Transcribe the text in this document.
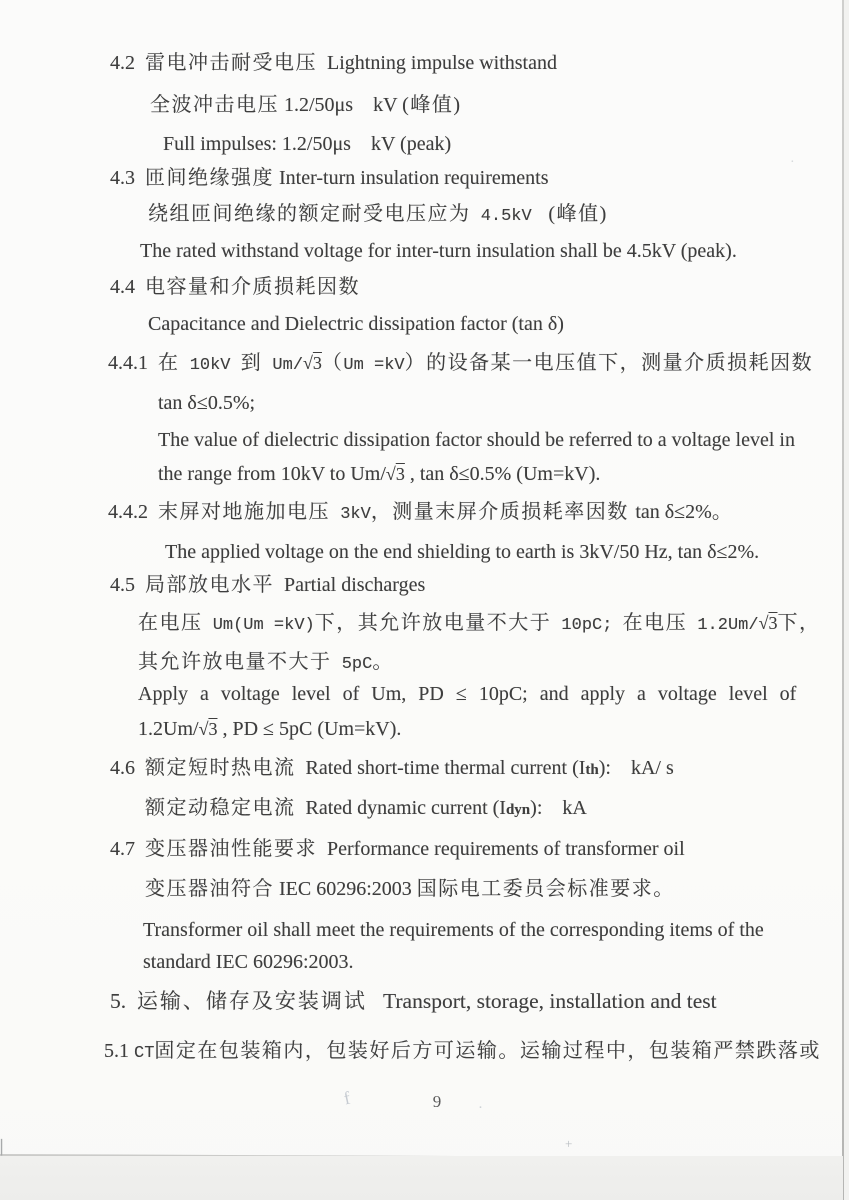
4.2  雷电冲击耐受电压  Lightning impulse withstand
全波冲击电压 1.2/50μs    kV (峰值)
Full impulses: 1.2/50μs    kV (peak)
4.3  匝间绝缘强度 Inter-turn insulation requirements
绕组匝间绝缘的额定耐受电压应为 4.5kV  (峰值)
The rated withstand voltage for inter-turn insulation shall be 4.5kV (peak).
4.4  电容量和介质损耗因数
Capacitance and Dielectric dissipation factor (tan δ)
4.4.1  在 10kV 到 Um/√3（Um =kV）的设备某一电压值下，测量介质损耗因数
tan δ≤0.5%;
The value of dielectric dissipation factor should be referred to a voltage level in
the range from 10kV to Um/√3 , tan δ≤0.5% (Um=kV).
4.4.2  末屏对地施加电压 3kV，测量末屏介质损耗率因数 tan δ≤2%。
The applied voltage on the end shielding to earth is 3kV/50 Hz, tan δ≤2%.
4.5  局部放电水平  Partial discharges
在电压 Um(Um =kV)下，其允许放电量不大于 10pC; 在电压 1.2Um/√3下，
其允许放电量不大于 5pC。
Apply a voltage level of Um, PD ≤ 10pC; and apply a voltage level of
1.2Um/√3 , PD ≤ 5pC (Um=kV).
4.6  额定短时热电流  Rated short-time thermal current (Ith):    kA/ s
额定动稳定电流  Rated dynamic current (Idyn):    kA
4.7  变压器油性能要求  Performance requirements of transformer oil
变压器油符合 IEC 60296:2003 国际电工委员会标准要求。
Transformer oil shall meet the requirements of the corresponding items of the
standard IEC 60296:2003.
5.  运输、储存及安装调试   Transport, storage, installation and test
5.1 CT固定在包装箱内，包装好后方可运输。运输过程中，包装箱严禁跌落或
9
f	·
+
▏
·
